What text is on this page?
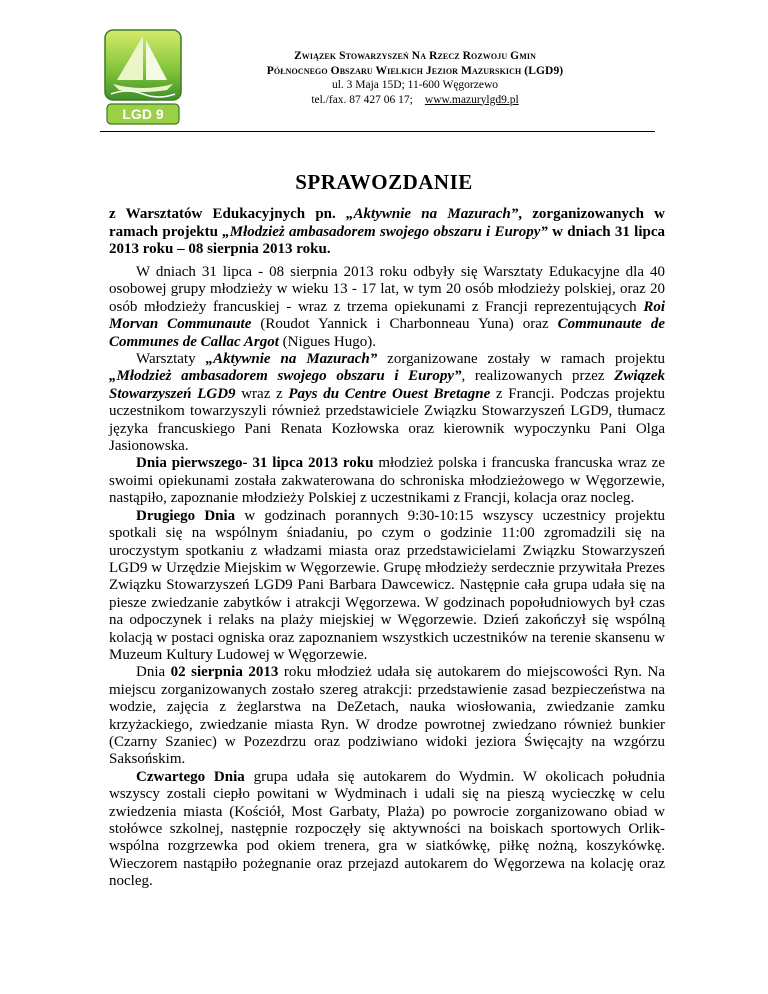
LGD 9
Związek Stowarzyszeń Na Rzecz Rozwoju Gmin
Północnego Obszaru Wielkich Jezior Mazurskich (LGD9)
ul. 3 Maja 15D; 11-600 Węgorzewo
tel./fax. 87 427 06 17; www.mazurylgd9.pl
SPRAWOZDANIE
z Warsztatów Edukacyjnych pn. „Aktywnie na Mazurach”, zorganizowanych w ramach projektu „Młodzież ambasadorem swojego obszaru i Europy” w dniach 31 lipca 2013 roku – 08 sierpnia 2013 roku.

W dniach 31 lipca - 08 sierpnia 2013 roku odbyły się Warsztaty Edukacyjne dla 40 osobowej grupy młodzieży w wieku 13 - 17 lat, w tym 20 osób młodzieży polskiej, oraz 20 osób młodzieży francuskiej - wraz z trzema opiekunami z Francji reprezentujących Roi Morvan Communaute (Roudot Yannick i Charbonneau Yuna) oraz Communaute de Communes de Callac Argot (Nigues Hugo).

Warsztaty „Aktywnie na Mazurach” zorganizowane zostały w ramach projektu „Młodzież ambasadorem swojego obszaru i Europy”, realizowanych przez Związek Stowarzyszeń LGD9 wraz z Pays du Centre Ouest Bretagne z Francji. Podczas projektu uczestnikom towarzyszyli również przedstawiciele Związku Stowarzyszeń LGD9, tłumacz języka francuskiego Pani Renata Kozłowska oraz kierownik wypoczynku Pani Olga Jasionowska.

Dnia pierwszego- 31 lipca 2013 roku młodzież polska i francuska francuska wraz ze swoimi opiekunami została zakwaterowana do schroniska młodzieżowego w Węgorzewie, nastąpiło, zapoznanie młodzieży Polskiej z uczestnikami z Francji, kolacja oraz nocleg.

Drugiego Dnia w godzinach porannych 9:30-10:15 wszyscy uczestnicy projektu spotkali się na wspólnym śniadaniu, po czym o godzinie 11:00 zgromadzili się na uroczystym spotkaniu z władzami miasta oraz przedstawicielami Związku Stowarzyszeń LGD9 w Urzędzie Miejskim w Węgorzewie. Grupę młodzieży serdecznie przywitała Prezes Związku Stowarzyszeń LGD9 Pani Barbara Dawcewicz. Następnie cała grupa udała się na piesze zwiedzanie zabytków i atrakcji Węgorzewa. W godzinach popołudniowych był czas na odpoczynek i relaks na plaży miejskiej w Węgorzewie. Dzień zakończył się wspólną kolacją w postaci ogniska oraz zapoznaniem wszystkich uczestników na terenie skansenu w Muzeum Kultury Ludowej w Węgorzewie.

Dnia 02 sierpnia 2013 roku młodzież udała się autokarem do miejscowości Ryn. Na miejscu zorganizowanych zostało szereg atrakcji: przedstawienie zasad bezpieczeństwa na wodzie, zajęcia z żeglarstwa na DeZetach, nauka wiosłowania, zwiedzanie zamku krzyżackiego, zwiedzanie miasta Ryn. W drodze powrotnej zwiedzano również bunkier (Czarny Szaniec) w Pozezdrzu oraz podziwiano widoki jeziora Święcajty na wzgórzu Saksońskim.

Czwartego Dnia grupa udała się autokarem do Wydmin. W okolicach południa wszyscy zostali ciepło powitani w Wydminach i udali się na pieszą wycieczkę w celu zwiedzenia miasta (Kościół, Most Garbaty, Plaża) po powrocie zorganizowano obiad w stołówce szkolnej, następnie rozpoczęły się aktywności na boiskach sportowych Orlik- wspólna rozgrzewka pod okiem trenera, gra w siatkówkę, piłkę nożną, koszykówkę. Wieczorem nastąpiło pożegnanie oraz przejazd autokarem do Węgorzewa na kolację oraz nocleg.
